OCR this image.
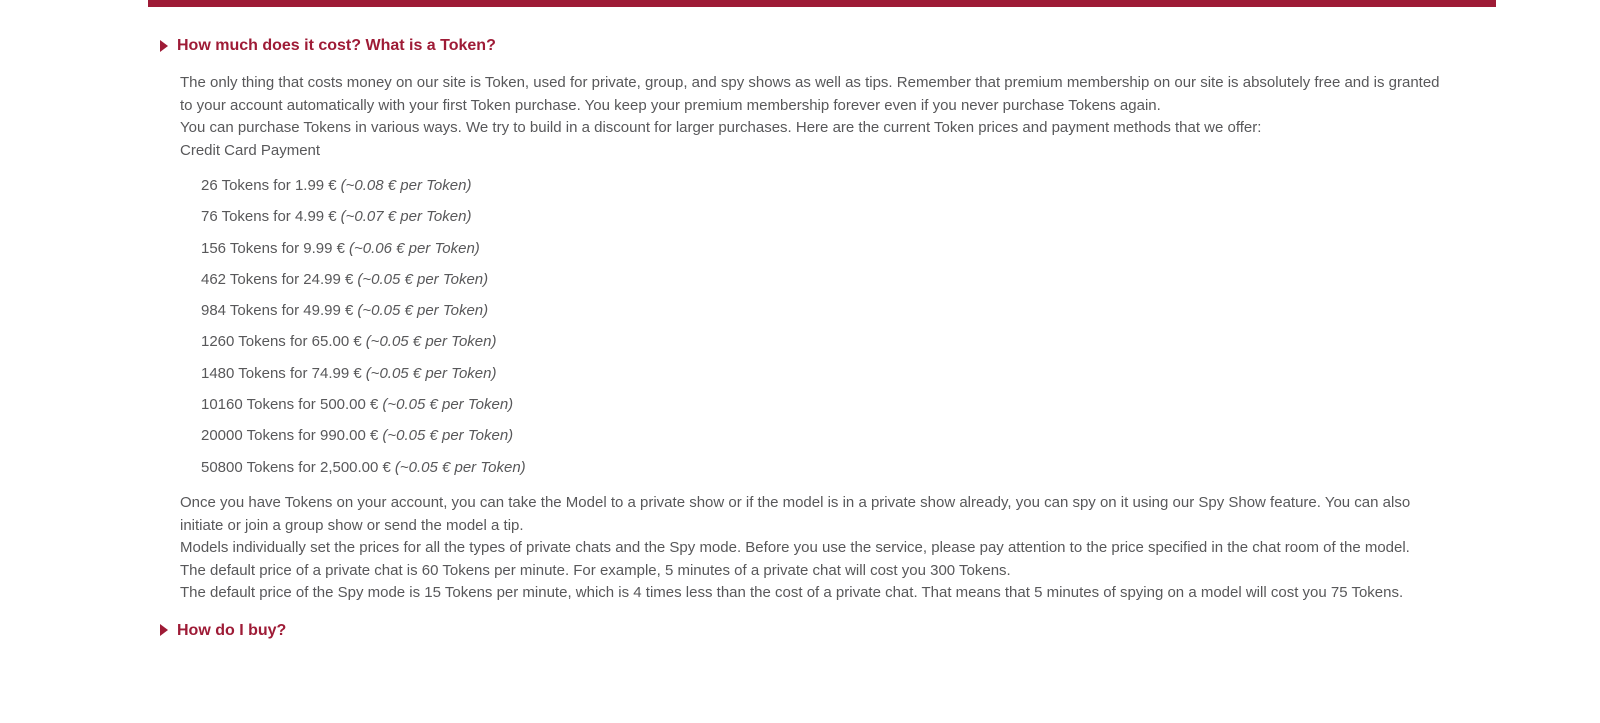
How much does it cost? What is a Token?

The only thing that costs money on our site is Token, used for private, group, and spy shows as well as tips. Remember that premium membership on our site is absolutely free and is granted to your account automatically with your first Token purchase. You keep your premium membership forever even if you never purchase Tokens again.

You can purchase Tokens in various ways. We try to build in a discount for larger purchases. Here are the current Token prices and payment methods that we offer:

Credit Card Payment

26 Tokens for 1.99 € (~0.08 € per Token)
76 Tokens for 4.99 € (~0.07 € per Token)
156 Tokens for 9.99 € (~0.06 € per Token)
462 Tokens for 24.99 € (~0.05 € per Token)
984 Tokens for 49.99 € (~0.05 € per Token)
1260 Tokens for 65.00 € (~0.05 € per Token)
1480 Tokens for 74.99 € (~0.05 € per Token)
10160 Tokens for 500.00 € (~0.05 € per Token)
20000 Tokens for 990.00 € (~0.05 € per Token)
50800 Tokens for 2,500.00 € (~0.05 € per Token)

Once you have Tokens on your account, you can take the Model to a private show or if the model is in a private show already, you can spy on it using our Spy Show feature. You can also initiate or join a group show or send the model a tip.

Models individually set the prices for all the types of private chats and the Spy mode. Before you use the service, please pay attention to the price specified in the chat room of the model.

The default price of a private chat is 60 Tokens per minute. For example, 5 minutes of a private chat will cost you 300 Tokens.

The default price of the Spy mode is 15 Tokens per minute, which is 4 times less than the cost of a private chat. That means that 5 minutes of spying on a model will cost you 75 Tokens.

How do I buy?
